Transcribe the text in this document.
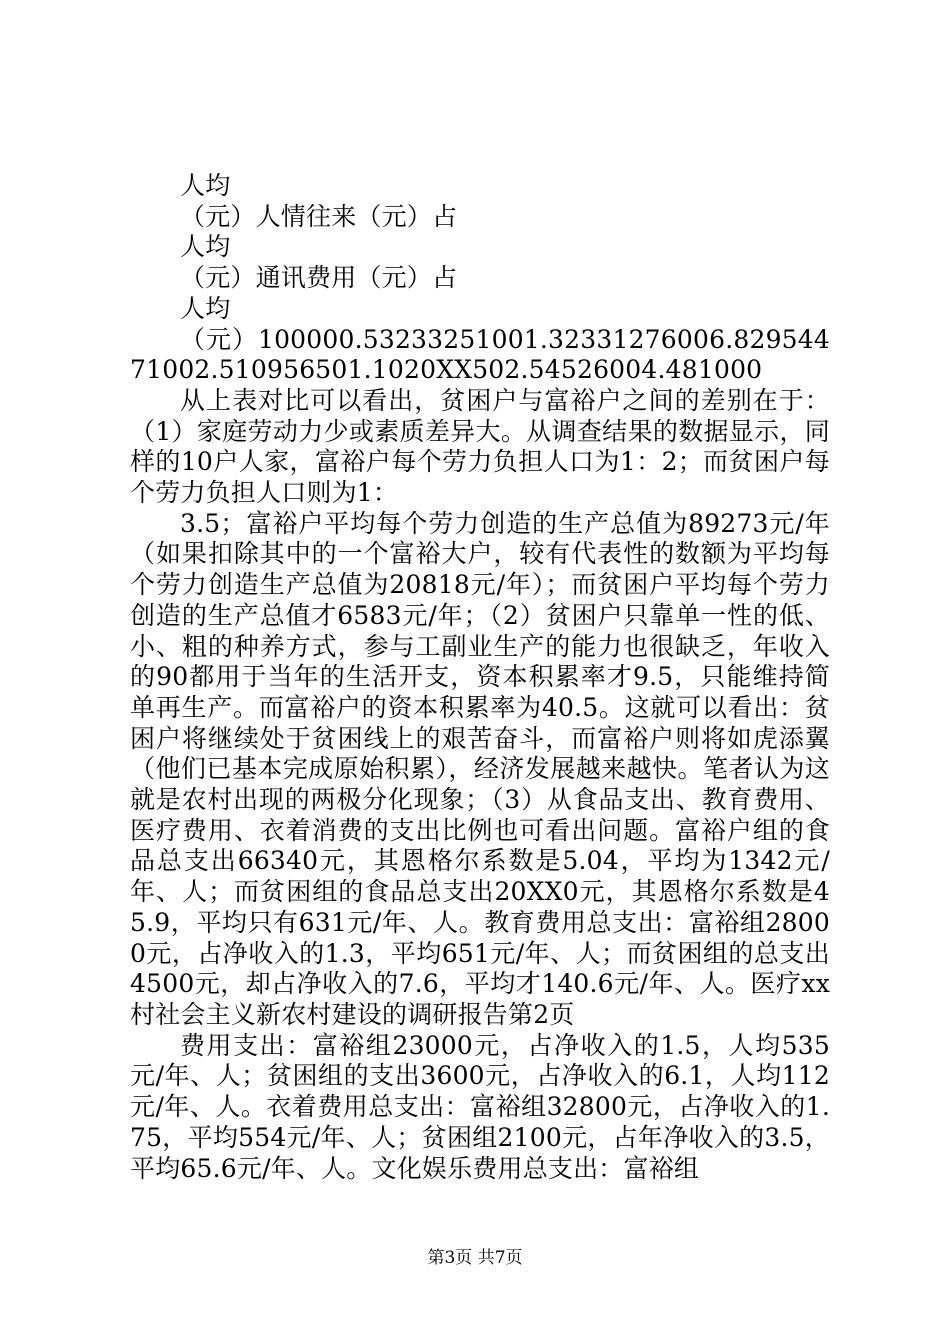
人均

（元）人情往来（元）占

人均

（元）通讯费用（元）占

人均

（元）100000.53233251001.32331276006.82954471002.510956501.1020XX502.54526004.481000

从上表对比可以看出，贫困户与富裕户之间的差别在于：（1）家庭劳动力少或素质差异大。从调查结果的数据显示，同样的10户人家，富裕户每个劳力负担人口为1：2；而贫困户每个劳力负担人口则为1：

3.5；富裕户平均每个劳力创造的生产总值为89273元/年（如果扣除其中的一个富裕大户，较有代表性的数额为平均每个劳力创造生产总值为20818元/年）；而贫困户平均每个劳力创造的生产总值才6583元/年；（2）贫困户只靠单一性的低、小、粗的种养方式，参与工副业生产的能力也很缺乏，年收入的90都用于当年的生活开支，资本积累率才9.5，只能维持简单再生产。而富裕户的资本积累率为40.5。这就可以看出：贫困户将继续处于贫困线上的艰苦奋斗，而富裕户则将如虎添翼（他们已基本完成原始积累），经济发展越来越快。笔者认为这就是农村出现的两极分化现象；（3）从食品支出、教育费用、医疗费用、衣着消费的支出比例也可看出问题。富裕户组的食品总支出66340元，其恩格尔系数是5.04，平均为1342元/年、人；而贫困组的食品总支出20XX0元，其恩格尔系数是45.9，平均只有631元/年、人。教育费用总支出：富裕组28000元，占净收入的1.3，平均651元/年、人；而贫困组的总支出4500元，却占净收入的7.6，平均才140.6元/年、人。医疗xx村社会主义新农村建设的调研报告第2页

费用支出：富裕组23000元，占净收入的1.5，人均535元/年、人；贫困组的支出3600元，占净收入的6.1，人均112元/年、人。衣着费用总支出：富裕组32800元，占净收入的1.75，平均554元/年、人；贫困组2100元，占年净收入的3.5，平均65.6元/年、人。文化娱乐费用总支出：富裕组

第3页 共7页
